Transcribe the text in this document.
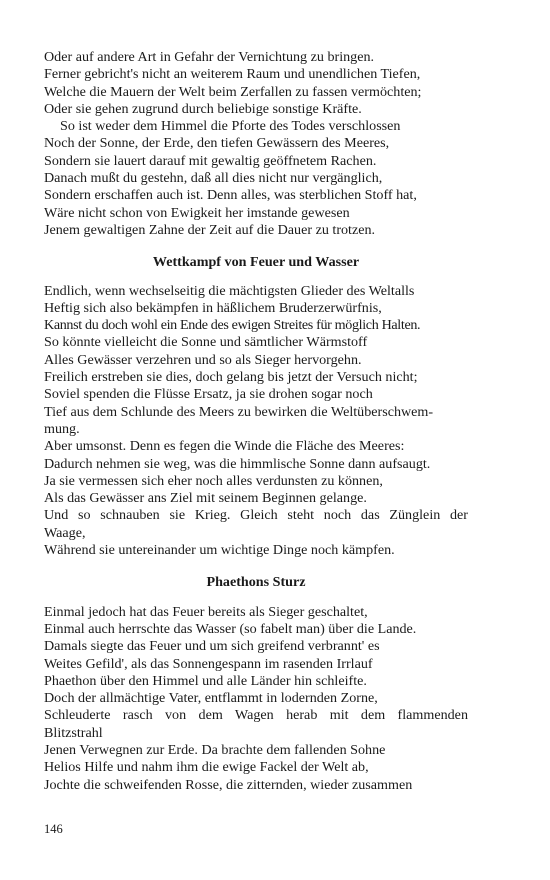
Oder auf andere Art in Gefahr der Vernichtung zu bringen.
Ferner gebricht's nicht an weiterem Raum und unendlichen Tiefen,
Welche die Mauern der Welt beim Zerfallen zu fassen vermöchten;
Oder sie gehen zugrund durch beliebige sonstige Kräfte.
So ist weder dem Himmel die Pforte des Todes verschlossen
Noch der Sonne, der Erde, den tiefen Gewässern des Meeres,
Sondern sie lauert darauf mit gewaltig geöffnetem Rachen.
Danach mußt du gestehn, daß all dies nicht nur vergänglich,
Sondern erschaffen auch ist. Denn alles, was sterblichen Stoff hat,
Wäre nicht schon von Ewigkeit her imstande gewesen
Jenem gewaltigen Zahne der Zeit auf die Dauer zu trotzen.
Wettkampf von Feuer und Wasser
Endlich, wenn wechselseitig die mächtigsten Glieder des Weltalls
Heftig sich also bekämpfen in häßlichem Bruderzerwürfnis,
Kannst du doch wohl ein Ende des ewigen Streites für möglich Halten.
So könnte vielleicht die Sonne und sämtlicher Wärmstoff
Alles Gewässer verzehren und so als Sieger hervorgehn.
Freilich erstreben sie dies, doch gelang bis jetzt der Versuch nicht;
Soviel spenden die Flüsse Ersatz, ja sie drohen sogar noch
Tief aus dem Schlunde des Meers zu bewirken die Weltüberschwem-
mung.
Aber umsonst. Denn es fegen die Winde die Fläche des Meeres:
Dadurch nehmen sie weg, was die himmlische Sonne dann aufsaugt.
Ja sie vermessen sich eher noch alles verdunsten zu können,
Als das Gewässer ans Ziel mit seinem Beginnen gelange.
Und so schnauben sie Krieg. Gleich steht noch das Zünglein der
Waage,
Während sie untereinander um wichtige Dinge noch kämpfen.
Phaethons Sturz
Einmal jedoch hat das Feuer bereits als Sieger geschaltet,
Einmal auch herrschte das Wasser (so fabelt man) über die Lande.
Damals siegte das Feuer und um sich greifend verbrannt' es
Weites Gefild', als das Sonnengespann im rasenden Irrlauf
Phaethon über den Himmel und alle Länder hin schleifte.
Doch der allmächtige Vater, entflammt in lodernden Zorne,
Schleuderte rasch von dem Wagen herab mit dem flammenden
Blitzstrahl
Jenen Verwegnen zur Erde. Da brachte dem fallenden Sohne
Helios Hilfe und nahm ihm die ewige Fackel der Welt ab,
Jochte die schweifenden Rosse, die zitternden, wieder zusammen
146
